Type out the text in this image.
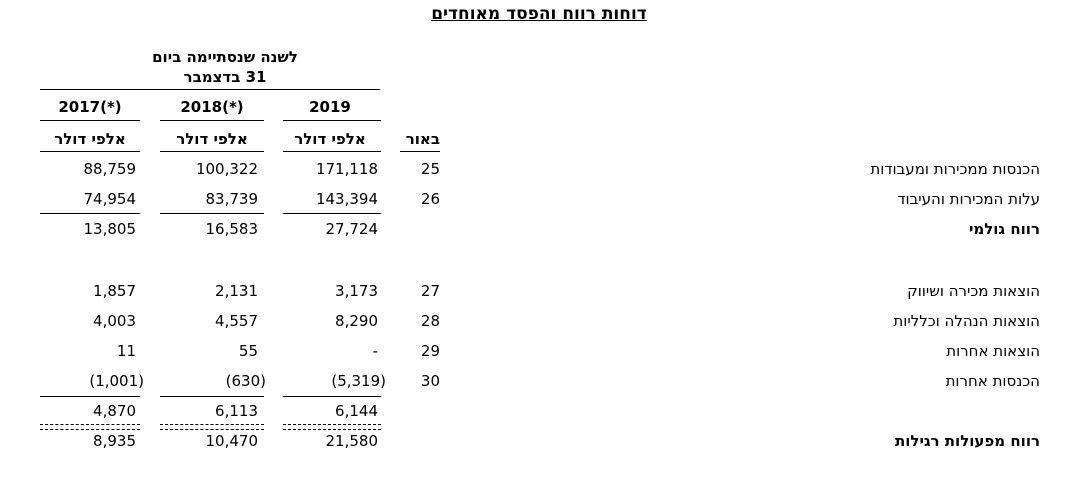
דוחות רווח והפסד מאוחדים
לשנה שנסתיימה ביום
31 בדצמבר
2019
2018(*)
2017(*)
אלפי דולר
אלפי דולר
אלפי דולר	באור
הכנסות ממכירות ומעבודות
25
171,118
100,322
88,759
עלות המכירות והעיבוד
26
143,394
83,739
74,954
רווח גולמי
27,724
16,583
13,805
הוצאות מכירה ושיווק
27
3,173
2,131
1,857
הוצאות הנהלה וכלליות
28
8,290
4,557
4,003
הוצאות אחרות
29
-
55
11
הכנסות אחרות
30
(5,319)
(630)
(1,001)
6,144
6,113
4,870
רווח מפעולות רגילות
21,580
10,470
8,935
